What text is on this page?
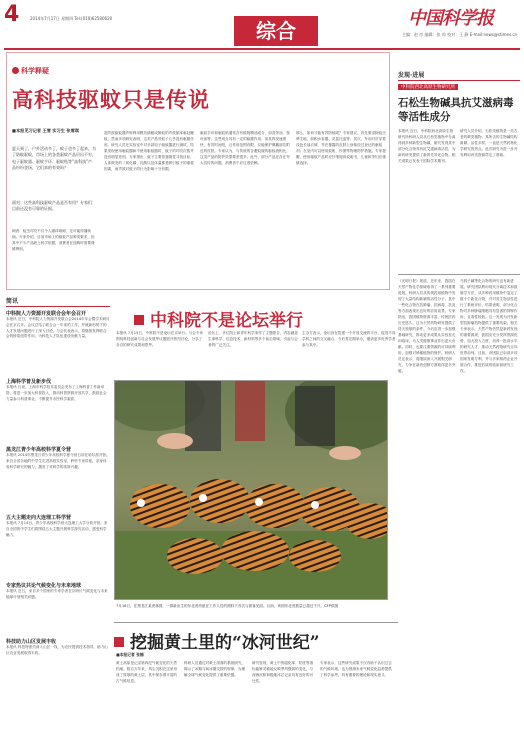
4	2014年7月17日 星期四 Tel:(010)62580620
综合
中国科学报
主编：赵 彦 编辑：张 琼 校对：王 静 E-mail:news@stimes.cn
科学释疑
高科技驱蚊只是传说
■本报见习记者 王雪 实习生 张雪琪
夏天到了，户外活动多了，蚊子也多了起来。为了防蚊驱蚊，市场上的各类驱蚊产品层出不穷，电子驱蚊器、驱蚊手环、驱蚊贴等“高科技”产品纷纷登场，它们真的有效吗？
面对：这些高科技驱蚊产品是否有用？专家们：目前还没有可靠的证据。
调查：蚊虫叮咬不仅令人瘙痒难耐，还可能传播疾病。专家介绍，目前市场上的驱蚊产品种类繁多，但其中不少产品缺乏科学依据，消费者在选购时需要谨慎辨别。
超声波驱蚊器声称利用模仿蜻蜓或雄蚊的声波频率驱赶雌蚊，然而多项研究表明，这类产品对蚊子几乎没有驱避作用。研究人员在实验室中对多款电子驱蚊器进行测试，结果发现使用驱蚊器和不使用驱蚊器时，蚊子的叮咬次数并没有明显差别。专家指出，蚊子主要依靠嗅觉寻找目标，人体散发的二氧化碳、乳酸以及体温都是吸引蚊子的重要因素，而声波对蚊子的行为影响十分有限。
驱蚊手环和驱蚊贴通常含有植物精油成分，如香茅油、桉叶油等，这些成分具有一定的驱避作用，但其挥发速度快，有效时间短，且作用范围有限，仅能保护佩戴部位附近的皮肤。专家认为，与传统的含避蚊胺的驱蚊液相比，这类产品的防护效果要差很多。此外，部分产品还存在夸大宣传的问题，消费者不应过度依赖。
那么，如何才能有效防蚊呢？专家建议，首先要清除蚊虫孳生地，如积水容器、花盆托盘等；其次，外出时应穿着浅色长袖衣裤，并在暴露的皮肤上涂抹经过登记的驱蚊剂；在室内可以使用蚊帐、纱窗等物理防护措施。专家提醒，使用驱蚊产品时应仔细阅读说明书，儿童和孕妇应谨慎选择。
简讯
中科院人力资源开发联合会年会召开
本报讯 近日，中科院人力资源开发联合会2014年年会暨学术研讨会在京召开。会议总结了联合会一年来的工作，并就新形势下的人才发展问题进行了深入讨论。与会代表表示，将继续发挥联合会的桥梁纽带作用，为科技人才队伍建设贡献力量。
上海科学普及新步伐
本报讯 日前，上海市科学技术委员会发布了上海科普工作新举措，将进一步加大科普投入，推动科普资源开放共享，鼓励社会力量参与科普事业，不断提升市民科学素质。
黑龙江青少年高校科学夏令营
本报讯 2014年黑龙江青少年高校科学夏令营日前在哈尔滨开营。来自全省各地的中学生走进高校实验室，聆听专家讲座，亲身体验科学研究的魅力，激发了对科学的浓厚兴趣。
五大主题走向大连理工科学营
本报讯 7月14日，青少年高校科学营大连理工大学分营开营。来自全国的中学生们将围绕五大主题开展科学探究活动，感受科学魅力。
专家热议共论气候变化与未来地球
本报讯 近日，来自多个国家的专家学者在京研讨气候变化与未来地球计划相关问题。
科技助力山区发展丰收
本报讯 科技特派员深入山区一线，为农民提供技术指导，助力山区农业发展取得丰收。
中科院不是论坛举行
本报讯 7月15日，中科院不是论坛在京举行。与会专家围绕科技创新与社会发展等议题展开热烈讨论，分享了各自的研究成果和思考。
论坛上，多位院士和青年科学家作了主题报告，内容涵盖生命科学、信息技术、新材料等多个前沿领域，引起与会者的广泛关注。
主办方表示，论坛旨在搭建一个开放交流的平台，促进不同学科之间的交叉融合，今后将定期举办，邀请更多优秀学者参与其中。
7月16日，在黑龙江某虎林园，一群新出生的东北虎幼崽在工作人员的照料下首次与游客见面。目前，该园东北虎数量已超过千只。CFP供图
发现·进展
中科院西北高原生物研究所
石松生物碱具抗艾滋病毒等活性成分
本报讯 近日，中科院西北高原生物研究所科研人员从石松类植物中分离得到多种新型生物碱，研究发现其中部分化合物具有抗艾滋病毒活性，为新药研发提供了新的先导化合物。相关成果已发表于国际学术期刊。
研究人员介绍，石松类植物是一类古老的蕨类植物，其所含的生物碱结构新颖、活性多样，一直是天然药物化学研究的热点。此次研究为进一步开发利用该类资源奠定了基础。
《光明日报》报道，近年来，我国在天然产物化学领域取得了一系列重要进展。科研人员从传统药用植物中发现了大量结构新颖的活性分子，其中一些化合物在抗肿瘤、抗病毒、抗炎等方面表现出良好的应用前景。专家指出，我国植物资源丰富，传统医药历史悠久，这为天然药物研发提供了得天独厚的条件。今后应进一步加强基础研究，推动更多成果从实验室走向临床，为人类健康事业作出更大贡献。同时，也要注重资源的可持续利用，加强对珍稀植物的保护。科研人员还表示，将继续深入开展相关研究，力争在新药创制方面取得更多突破。
马钱子碱等化合物的研究也有新进展。研究团队利用现代分离技术和波谱学方法，从多种药用植物中鉴定了数十个新化合物，并对其生物活性进行了系统评价。结果表明，部分化合物对多种肿瘤细胞具有显著的抑制作用，且毒性较低。这一发现为开发新型抗肿瘤药物提供了重要线索。相关专家表示，天然产物仍然是新药发现的重要源泉，我国应充分发挥资源优势，加大投入力度，培养一批高水平的研究人才，推动天然药物研究走向世界前列。目前，该团队已申请多项国家发明专利，并与多家制药企业开展合作，推进后续的临床前研究工作。
挖掘黄土里的“冰河世纪”
■本报记者 张楠
黄土高原是记录第四纪气候变化的天然档案。数百万年来，风尘沉积在这里形成了厚厚的黄土层，其中保存着丰富的古气候信息。
科研人员通过对黄土剖面的系统研究，揭示了冰期与间冰期交替的规律，为理解全球气候变化提供了重要依据。
研究发现，黄土中的磁化率、粒度等指标能够灵敏地反映季风强弱的变化，与深海沉积和极地冰芯记录具有良好的可比性。
专家表示，这些研究成果不仅有助于认识过去的气候环境，也为预测未来气候变化趋势提供了科学参考，具有重要的理论和现实意义。
